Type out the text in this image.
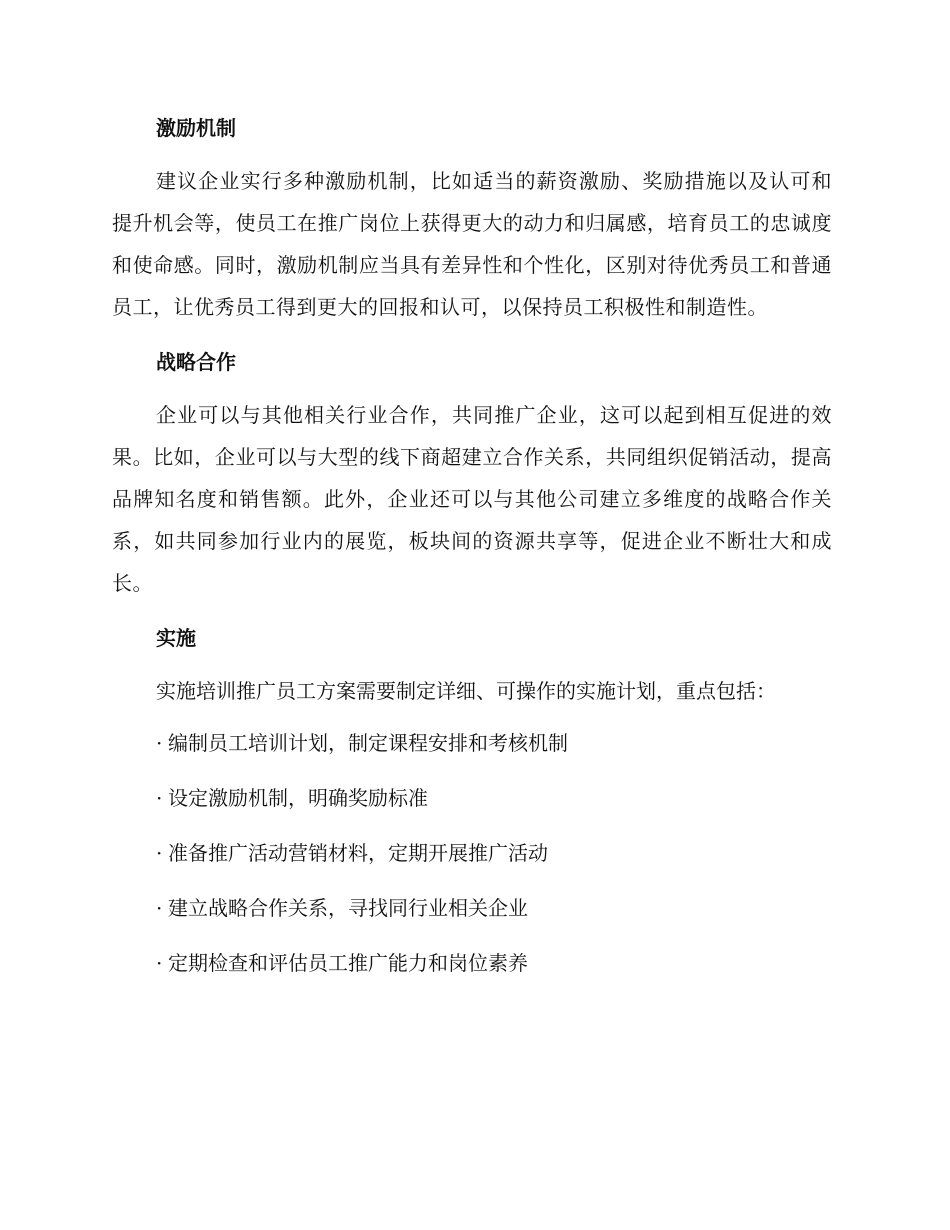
激励机制

建议企业实行多种激励机制，比如适当的薪资激励、奖励措施以及认可和提升机会等，使员工在推广岗位上获得更大的动力和归属感，培育员工的忠诚度和使命感。同时，激励机制应当具有差异性和个性化，区别对待优秀员工和普通员工，让优秀员工得到更大的回报和认可，以保持员工积极性和制造性。

战略合作

企业可以与其他相关行业合作，共同推广企业，这可以起到相互促进的效果。比如，企业可以与大型的线下商超建立合作关系，共同组织促销活动，提高品牌知名度和销售额。此外，企业还可以与其他公司建立多维度的战略合作关系，如共同参加行业内的展览，板块间的资源共享等，促进企业不断壮大和成长。

实施

实施培训推广员工方案需要制定详细、可操作的实施计划，重点包括：

· 编制员工培训计划，制定课程安排和考核机制
· 设定激励机制，明确奖励标准
· 准备推广活动营销材料，定期开展推广活动
· 建立战略合作关系，寻找同行业相关企业
· 定期检查和评估员工推广能力和岗位素养
